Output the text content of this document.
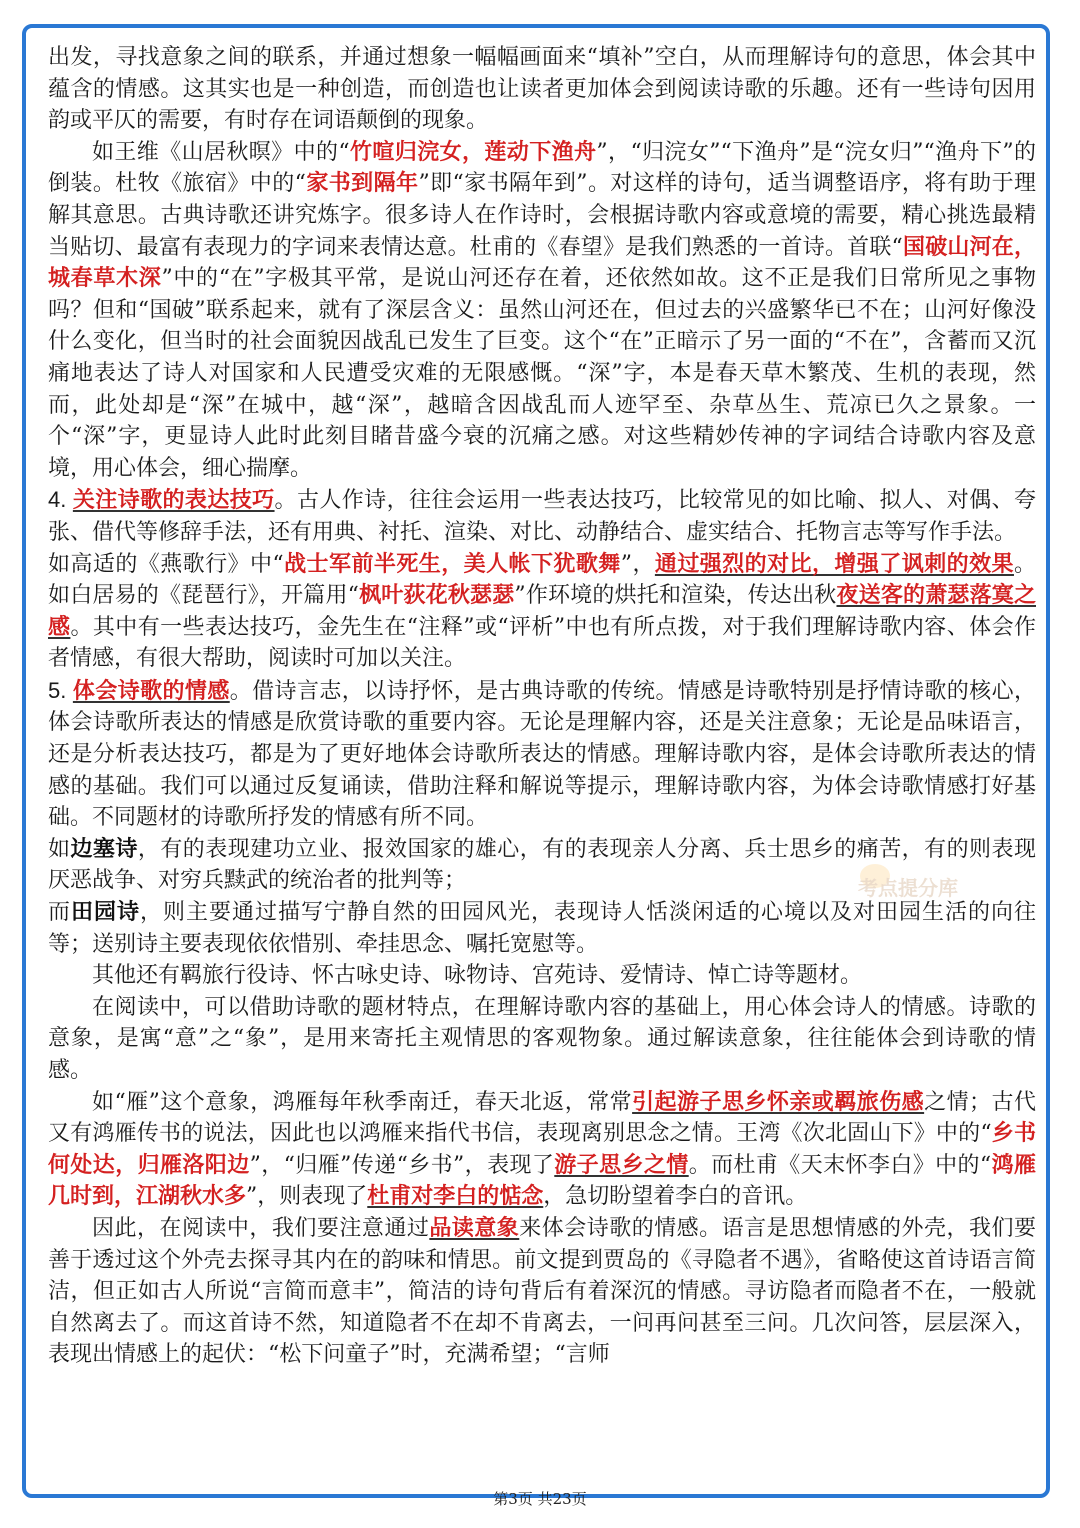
出发，寻找意象之间的联系，并通过想象一幅幅画面来“填补”空白，从而理解诗句的意思，体会其中蕴含的情感。这其实也是一种创造，而创造也让读者更加体会到阅读诗歌的乐趣。还有一些诗句因用韵或平仄的需要，有时存在词语颠倒的现象。

如王维《山居秋暝》中的“竹喧归浣女，莲动下渔舟”，“归浣女”“下渔舟”是“浣女归”“渔舟下”的倒装。杜牧《旅宿》中的“家书到隔年”即“家书隔年到”。对这样的诗句，适当调整语序，将有助于理解其意思。古典诗歌还讲究炼字。很多诗人在作诗时，会根据诗歌内容或意境的需要，精心挑选最精当贴切、最富有表现力的字词来表情达意。杜甫的《春望》是我们熟悉的一首诗。首联“国破山河在，城春草木深”中的“在”字极其平常，是说山河还存在着，还依然如故。这不正是我们日常所见之事物吗？但和“国破”联系起来，就有了深层含义：虽然山河还在，但过去的兴盛繁华已不在；山河好像没什么变化，但当时的社会面貌因战乱已发生了巨变。这个“在”正暗示了另一面的“不在”，含蓄而又沉痛地表达了诗人对国家和人民遭受灾难的无限感慨。“深”字，本是春天草木繁茂、生机的表现，然而，此处却是“深”在城中，越“深”，越暗含因战乱而人迹罕至、杂草丛生、荒凉已久之景象。一个“深”字，更显诗人此时此刻目睹昔盛今衰的沉痛之感。对这些精妙传神的字词结合诗歌内容及意境，用心体会，细心揣摩。

4. 关注诗歌的表达技巧。古人作诗，往往会运用一些表达技巧，比较常见的如比喻、拟人、对偶、夸张、借代等修辞手法，还有用典、衬托、渲染、对比、动静结合、虚实结合、托物言志等写作手法。

如高适的《燕歌行》中“战士军前半死生，美人帐下犹歌舞”，通过强烈的对比，增强了讽刺的效果。如白居易的《琵琶行》，开篇用“枫叶荻花秋瑟瑟”作环境的烘托和渲染，传达出秋夜送客的萧瑟落寞之感。其中有一些表达技巧，金先生在“注释”或“评析”中也有所点拨，对于我们理解诗歌内容、体会作者情感，有很大帮助，阅读时可加以关注。

5. 体会诗歌的情感。借诗言志，以诗抒怀，是古典诗歌的传统。情感是诗歌特别是抒情诗歌的核心，体会诗歌所表达的情感是欣赏诗歌的重要内容。无论是理解内容，还是关注意象；无论是品味语言，还是分析表达技巧，都是为了更好地体会诗歌所表达的情感。理解诗歌内容，是体会诗歌所表达的情感的基础。我们可以通过反复诵读，借助注释和解说等提示，理解诗歌内容，为体会诗歌情感打好基础。不同题材的诗歌所抒发的情感有所不同。

如边塞诗，有的表现建功立业、报效国家的雄心，有的表现亲人分离、兵士思乡的痛苦，有的则表现厌恶战争、对穷兵黩武的统治者的批判等；

而田园诗，则主要通过描写宁静自然的田园风光，表现诗人恬淡闲适的心境以及对田园生活的向往等；送别诗主要表现依依惜别、牵挂思念、嘱托宽慰等。

其他还有羁旅行役诗、怀古咏史诗、咏物诗、宫苑诗、爱情诗、悼亡诗等题材。

在阅读中，可以借助诗歌的题材特点，在理解诗歌内容的基础上，用心体会诗人的情感。诗歌的意象，是寓“意”之“象”，是用来寄托主观情思的客观物象。通过解读意象，往往能体会到诗歌的情感。

如“雁”这个意象，鸿雁每年秋季南迁，春天北返，常常引起游子思乡怀亲或羁旅伤感之情；古代又有鸿雁传书的说法，因此也以鸿雁来指代书信，表现离别思念之情。王湾《次北固山下》中的“乡书何处达，归雁洛阳边”，“归雁”传递“乡书”，表现了游子思乡之情。而杜甫《天末怀李白》中的“鸿雁几时到，江湖秋水多”，则表现了杜甫对李白的惦念，急切盼望着李白的音讯。

因此，在阅读中，我们要注意通过品读意象来体会诗歌的情感。语言是思想情感的外壳，我们要善于透过这个外壳去探寻其内在的韵味和情思。前文提到贾岛的《寻隐者不遇》，省略使这首诗语言简洁，但正如古人所说“言简而意丰”，简洁的诗句背后有着深沉的情感。寻访隐者而隐者不在，一般就自然离去了。而这首诗不然，知道隐者不在却不肯离去，一问再问甚至三问。几次问答，层层深入，表现出情感上的起伏：“松下问童子”时，充满希望；“言师

考点提分库
第3页 共23页
